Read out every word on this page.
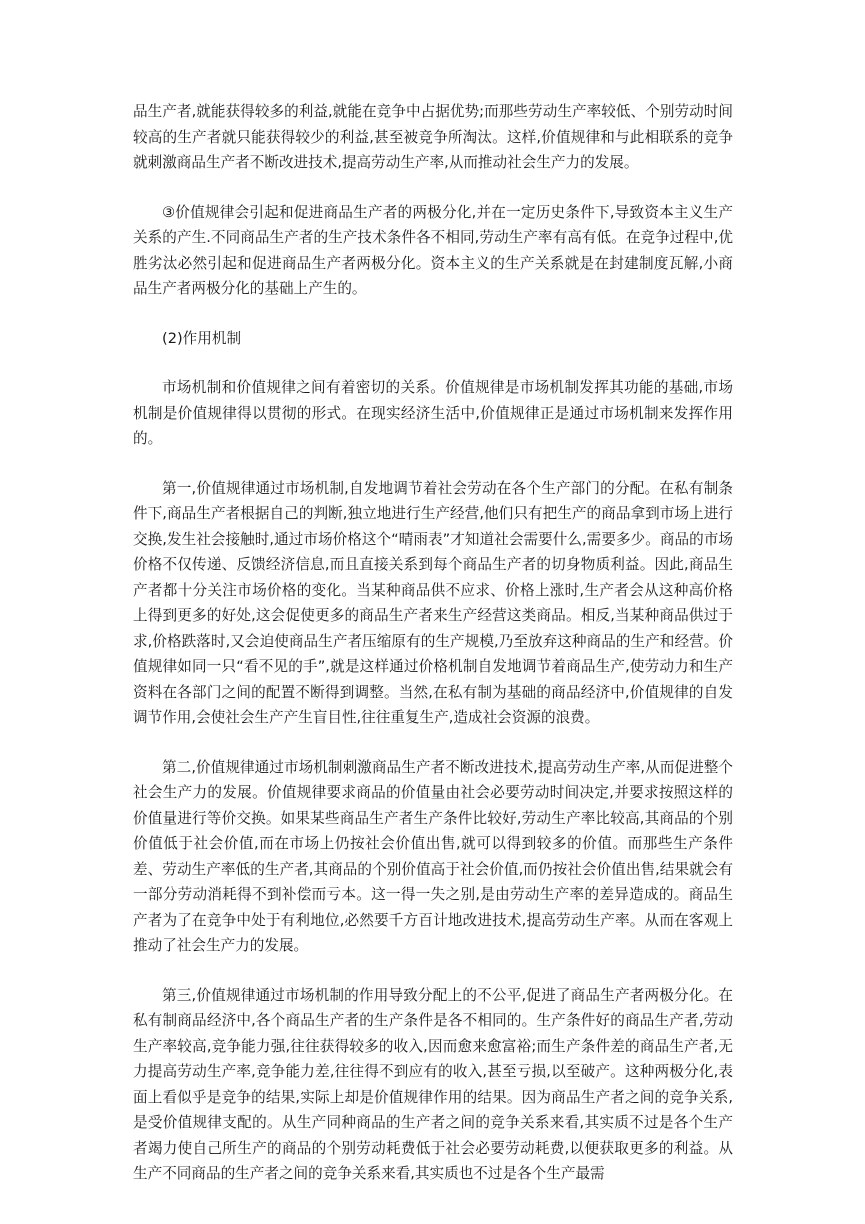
品生产者,就能获得较多的利益,就能在竞争中占据优势;而那些劳动生产率较低、个别劳动时间较高的生产者就只能获得较少的利益,甚至被竞争所淘汰。这样,价值规律和与此相联系的竞争就刺激商品生产者不断改进技术,提高劳动生产率,从而推动社会生产力的发展。

③价值规律会引起和促进商品生产者的两极分化,并在一定历史条件下,导致资本主义生产关系的产生.不同商品生产者的生产技术条件各不相同,劳动生产率有高有低。在竞争过程中,优胜劣汰必然引起和促进商品生产者两极分化。资本主义的生产关系就是在封建制度瓦解,小商品生产者两极分化的基础上产生的。

(2)作用机制

市场机制和价值规律之间有着密切的关系。价值规律是市场机制发挥其功能的基础,市场机制是价值规律得以贯彻的形式。在现实经济生活中,价值规律正是通过市场机制来发挥作用的。

第一,价值规律通过市场机制,自发地调节着社会劳动在各个生产部门的分配。在私有制条件下,商品生产者根据自己的判断,独立地进行生产经营,他们只有把生产的商品拿到市场上进行交换,发生社会接触时,通过市场价格这个“晴雨表”才知道社会需要什么,需要多少。商品的市场价格不仅传递、反馈经济信息,而且直接关系到每个商品生产者的切身物质利益。因此,商品生产者都十分关注市场价格的变化。当某种商品供不应求、价格上涨时,生产者会从这种高价格上得到更多的好处,这会促使更多的商品生产者来生产经营这类商品。相反,当某种商品供过于求,价格跌落时,又会迫使商品生产者压缩原有的生产规模,乃至放弃这种商品的生产和经营。价值规律如同一只“看不见的手”,就是这样通过价格机制自发地调节着商品生产,使劳动力和生产资料在各部门之间的配置不断得到调整。当然,在私有制为基础的商品经济中,价值规律的自发调节作用,会使社会生产产生盲目性,往往重复生产,造成社会资源的浪费。

第二,价值规律通过市场机制刺激商品生产者不断改进技术,提高劳动生产率,从而促进整个社会生产力的发展。价值规律要求商品的价值量由社会必要劳动时间决定,并要求按照这样的价值量进行等价交换。如果某些商品生产者生产条件比较好,劳动生产率比较高,其商品的个别价值低于社会价值,而在市场上仍按社会价值出售,就可以得到较多的价值。而那些生产条件差、劳动生产率低的生产者,其商品的个别价值高于社会价值,而仍按社会价值出售,结果就会有一部分劳动消耗得不到补偿而亏本。这一得一失之别,是由劳动生产率的差异造成的。商品生产者为了在竞争中处于有利地位,必然要千方百计地改进技术,提高劳动生产率。从而在客观上推动了社会生产力的发展。

第三,价值规律通过市场机制的作用导致分配上的不公平,促进了商品生产者两极分化。在私有制商品经济中,各个商品生产者的生产条件是各不相同的。生产条件好的商品生产者,劳动生产率较高,竞争能力强,往往获得较多的收入,因而愈来愈富裕;而生产条件差的商品生产者,无力提高劳动生产率,竞争能力差,往往得不到应有的收入,甚至亏损,以至破产。这种两极分化,表面上看似乎是竞争的结果,实际上却是价值规律作用的结果。因为商品生产者之间的竞争关系,是受价值规律支配的。从生产同种商品的生产者之间的竞争关系来看,其实质不过是各个生产者竭力使自己所生产的商品的个别劳动耗费低于社会必要劳动耗费,以便获取更多的利益。从生产不同商品的生产者之间的竞争关系来看,其实质也不过是各个生产最需
